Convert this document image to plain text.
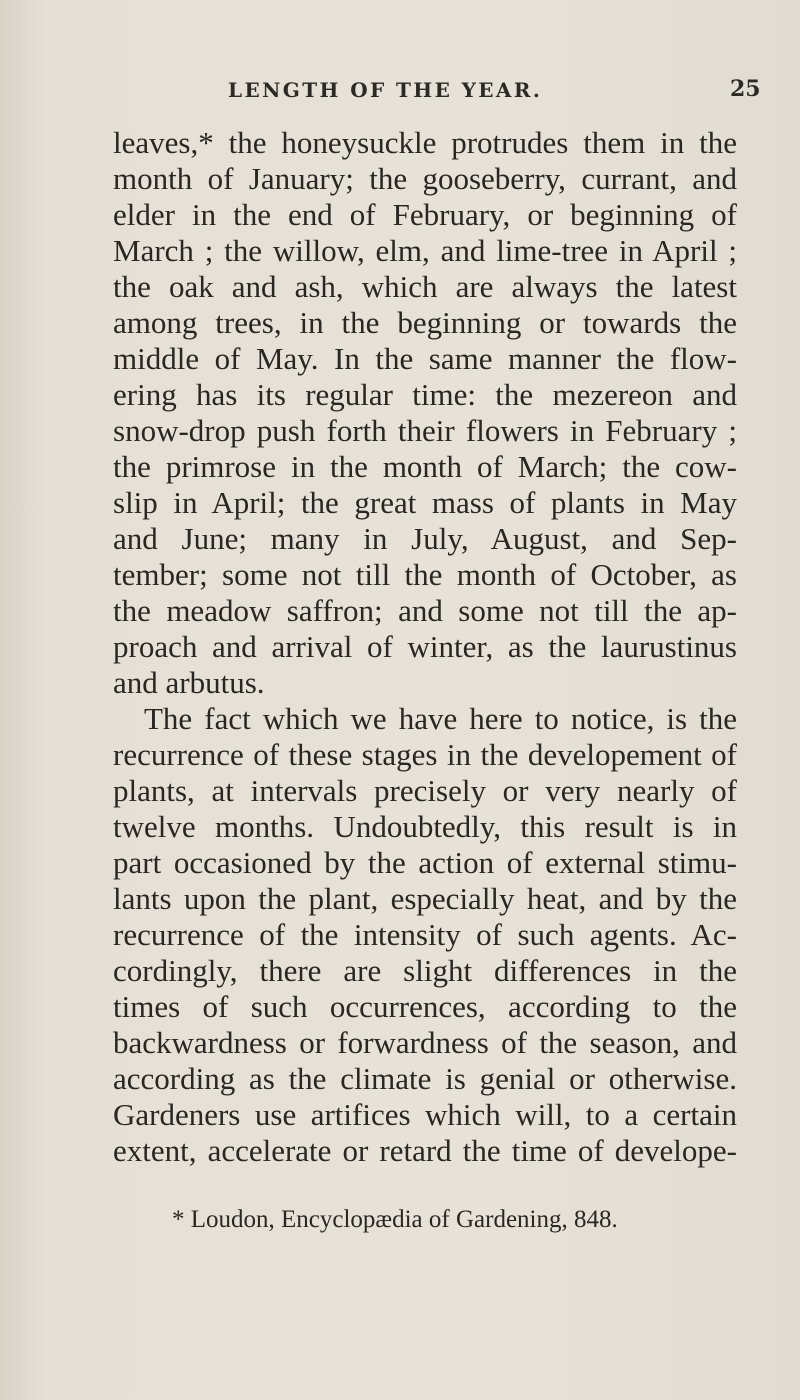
LENGTH OF THE YEAR.	25
leaves,* the honeysuckle protrudes them in the
month of January; the gooseberry, currant, and
elder in the end of February, or beginning of
March ; the willow, elm, and lime-tree in April ;
the oak and ash, which are always the latest
among trees, in the beginning or towards the
middle of May. In the same manner the flow-
ering has its regular time: the mezereon and
snow-drop push forth their flowers in February ;
the primrose in the month of March; the cow-
slip in April; the great mass of plants in May
and June; many in July, August, and Sep-
tember; some not till the month of October, as
the meadow saffron; and some not till the ap-
proach and arrival of winter, as the laurustinus
and arbutus.
The fact which we have here to notice, is the
recurrence of these stages in the developement of
plants, at intervals precisely or very nearly of
twelve months. Undoubtedly, this result is in
part occasioned by the action of external stimu-
lants upon the plant, especially heat, and by the
recurrence of the intensity of such agents. Ac-
cordingly, there are slight differences in the
times of such occurrences, according to the
backwardness or forwardness of the season, and
according as the climate is genial or otherwise.
Gardeners use artifices which will, to a certain
extent, accelerate or retard the time of develope-
* Loudon, Encyclopædia of Gardening, 848.
